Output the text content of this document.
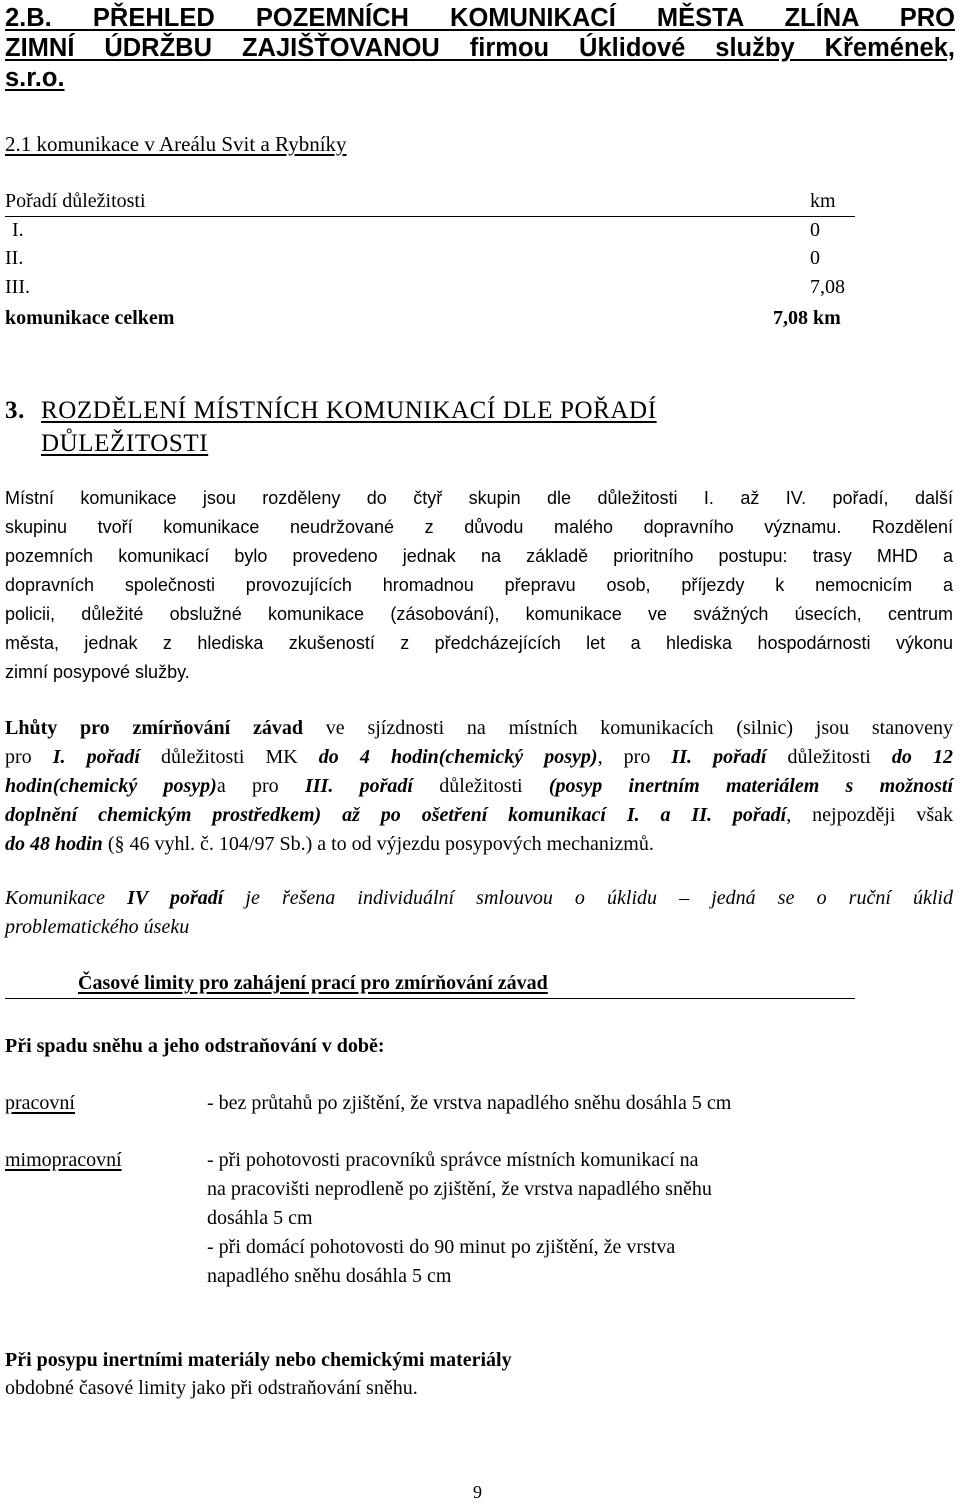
2.B. PŘEHLED POZEMNÍCH KOMUNIKACÍ MĚSTA ZLÍNA PRO
ZIMNÍ ÚDRŽBU ZAJIŠŤOVANOU firmou Úklidové služby Křemének,
s.r.o.
2.1 komunikace v Areálu Svit a Rybníky
Pořadí důležitosti	km
I.	0
II.	0
III.	7,08
komunikace celkem	7,08 km
3. ROZDĚLENÍ MÍSTNÍCH KOMUNIKACÍ DLE POŘADÍ
DŮLEŽITOSTI
Místní komunikace jsou rozděleny do čtyř skupin dle důležitosti I. až IV. pořadí, další
skupinu tvoří komunikace neudržované z důvodu malého dopravního významu. Rozdělení
pozemních komunikací bylo provedeno jednak na základě prioritního postupu: trasy MHD a
dopravních společnosti provozujících hromadnou přepravu osob, příjezdy k nemocnicím a
policii, důležité obslužné komunikace (zásobování), komunikace ve svážných úsecích, centrum
města, jednak z hlediska zkušeností z předcházejících let a hlediska hospodárnosti výkonu
zimní posypové služby.
Lhůty pro zmírňování závad ve sjízdnosti na místních komunikacích (silnic) jsou stanoveny
pro I. pořadí důležitosti MK do 4 hodin(chemický posyp), pro II. pořadí důležitosti do 12
hodin(chemický posyp)a pro III. pořadí důležitosti (posyp inertním materiálem s možností
doplnění chemickým prostředkem) až po ošetření komunikací I. a II. pořadí, nejpozději však
do 48 hodin (§ 46 vyhl. č. 104/97 Sb.) a to od výjezdu posypových mechanizmů.
Komunikace IV pořadí je řešena individuální smlouvou o úklidu – jedná se o ruční úklid
problematického úseku
Časové limity pro zahájení prací pro zmírňování závad
Při spadu sněhu a jeho odstraňování v době:
pracovní	- bez průtahů po zjištění, že vrstva napadlého sněhu dosáhla 5 cm
mimopracovní	- při pohotovosti pracovníků správce místních komunikací na
na pracovišti neprodleně po zjištění, že vrstva napadlého sněhu
dosáhla 5 cm
- při domácí pohotovosti do 90 minut po zjištění, že vrstva
napadlého sněhu dosáhla 5 cm
Při posypu inertními materiály nebo chemickými materiály
obdobné časové limity jako při odstraňování sněhu.
9
